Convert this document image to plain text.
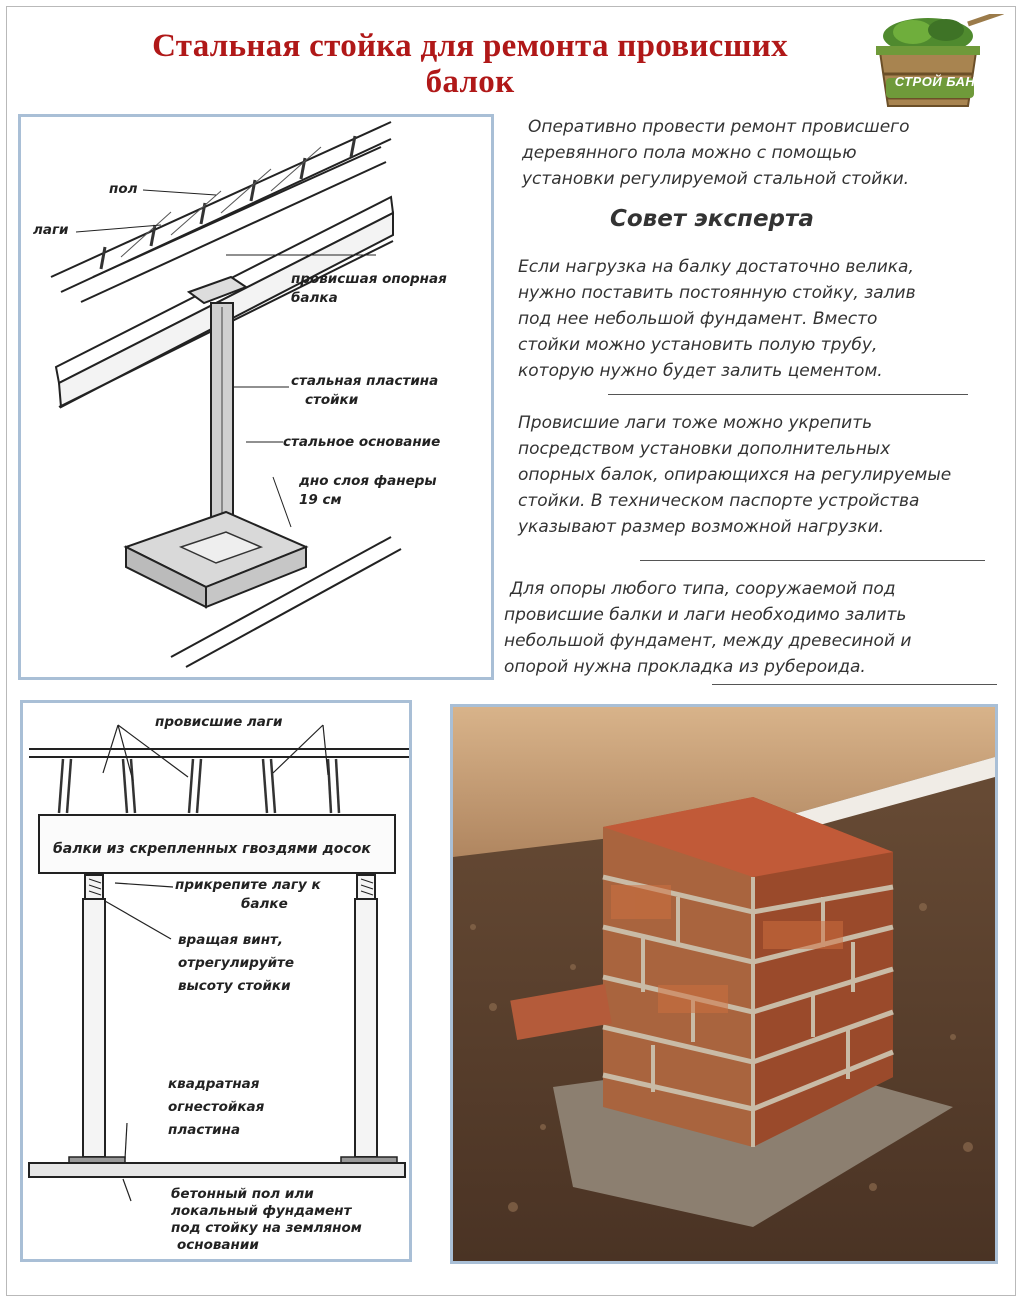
Стальная стойка для ремонта провисших
балок	СТРОЙ БАНЯ
пол
лаги
провисшая опорная
балка
стальная пластина
стойки
стальное основание
дно слоя фанеры
19 см
Оперативно провести ремонт провисшего
деревянного пола можно с помощью
установки регулируемой стальной стойки.
Совет эксперта
Если нагрузка на балку достаточно велика,
нужно поставить постоянную стойку, залив
под нее небольшой фундамент. Вместо
стойки можно установить полую трубу,
которую нужно будет залить цементом.
Провисшие лаги тоже можно укрепить
посредством установки дополнительных
опорных балок, опирающихся на регулируемые
стойки. В техническом паспорте устройства
указывают размер возможной нагрузки.
Для опоры любого типа, сооружаемой под
провисшие балки и лаги необходимо залить
небольшой фундамент, между древесиной и
опорой нужна прокладка из рубероида.
провисшие лаги
балки из скрепленных гвоздями досок
прикрепите лагу к
балке
вращая винт,
отрегулируйте
высоту стойки
квадратная
огнестойкая
пластина
бетонный пол или
локальный фундамент
под стойку на земляном
основании
